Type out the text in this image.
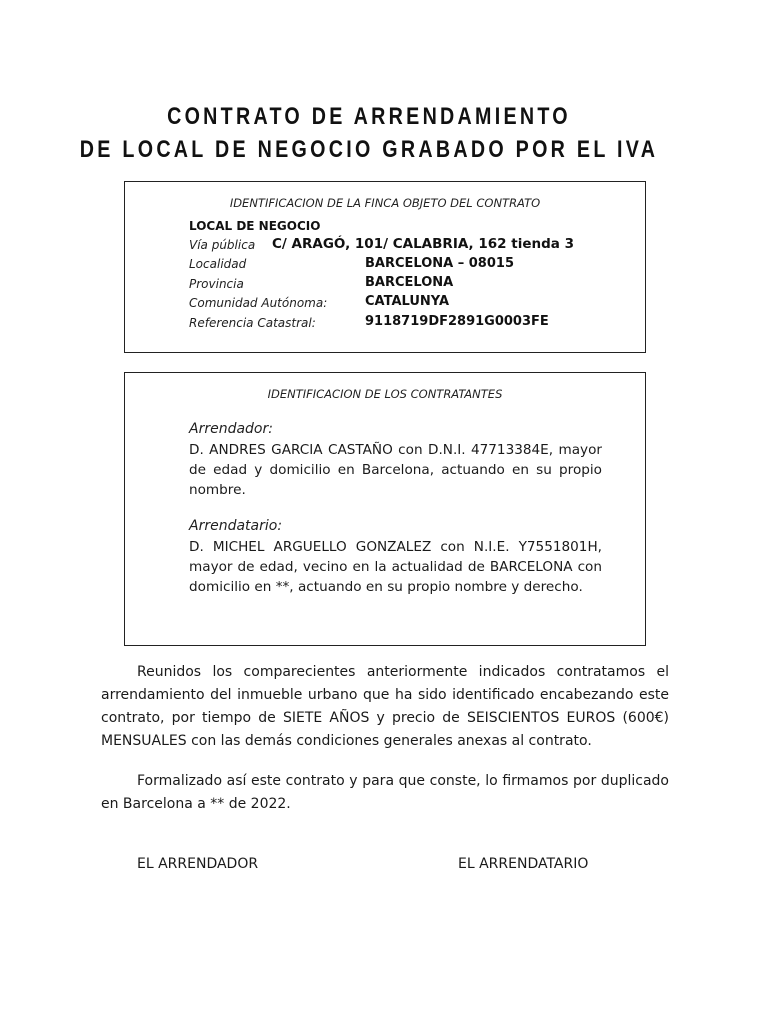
CONTRATO DE ARRENDAMIENTO
DE LOCAL DE NEGOCIO GRABADO POR EL IVA
IDENTIFICACION DE LA FINCA OBJETO DEL CONTRATO
LOCAL DE NEGOCIO
Vía pública C/ ARAGÓ, 101/ CALABRIA, 162 tienda 3
Localidad	BARCELONA – 08015
Provincia	BARCELONA
Comunidad Autónoma:	CATALUNYA
Referencia Catastral:	9118719DF2891G0003FE
IDENTIFICACION DE LOS CONTRATANTES
Arrendador:
D. ANDRES GARCIA CASTAÑO con D.N.I. 47713384E, mayor
de edad y domicilio en Barcelona, actuando en su propio
nombre.
Arrendatario:
D. MICHEL ARGUELLO GONZALEZ con N.I.E. Y7551801H,
mayor de edad, vecino en la actualidad de BARCELONA con
domicilio en **, actuando en su propio nombre y derecho.
Reunidos los comparecientes anteriormente indicados contratamos el
arrendamiento del inmueble urbano que ha sido identificado encabezando este
contrato, por tiempo de SIETE AÑOS y precio de SEISCIENTOS EUROS (600€)
MENSUALES con las demás condiciones generales anexas al contrato.
Formalizado así este contrato y para que conste, lo firmamos por duplicado
en Barcelona a ** de 2022.
EL ARRENDADOR	EL ARRENDATARIO
